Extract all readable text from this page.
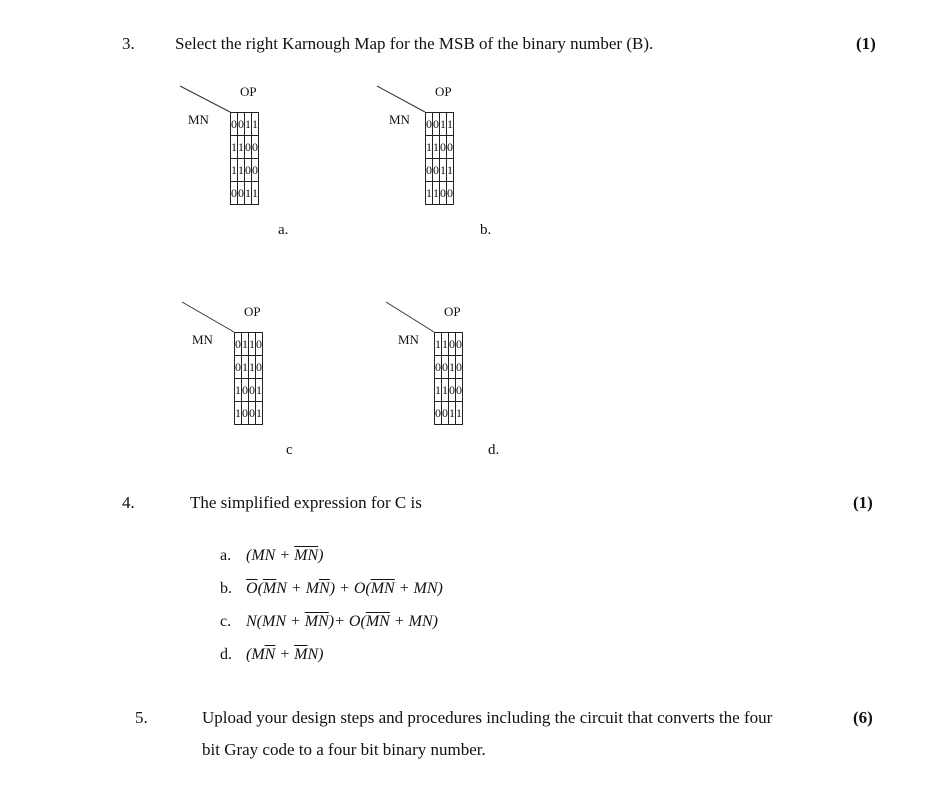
3. Select the right Karnough Map for the MSB of the binary number (B).	(1)
OP
MN 0	0	1	1
1	1	0	0
1	1	0	0
0	0	1	1
a.
OP
MN 0	0	1	1
1	1	0	0
0	0	1	1
1	1	0	0
b.
OP
MN 0	1	1	0
0	1	1	0
1	0	0	1
1	0	0	1
c
OP
MN 1	1	0	0
0	0	1	0
1	1	0	0
0	0	1	1
d.
4.	The simplified expression for C is	(1)
a. $(MN + \overline{M}\overline{N})$
b. $\overline{O}(\overline{M}N + M\overline{N}) + O(\overline{M}\overline{N} + MN)$
c. $N(MN + \overline{M}\overline{N})+ O(\overline{M}\overline{N} + MN)$
d. $(M\overline{N} + \overline{M}N)$
5.	Upload your design steps and procedures including the circuit that converts the four
bit Gray code to a four bit binary number.
(6)
